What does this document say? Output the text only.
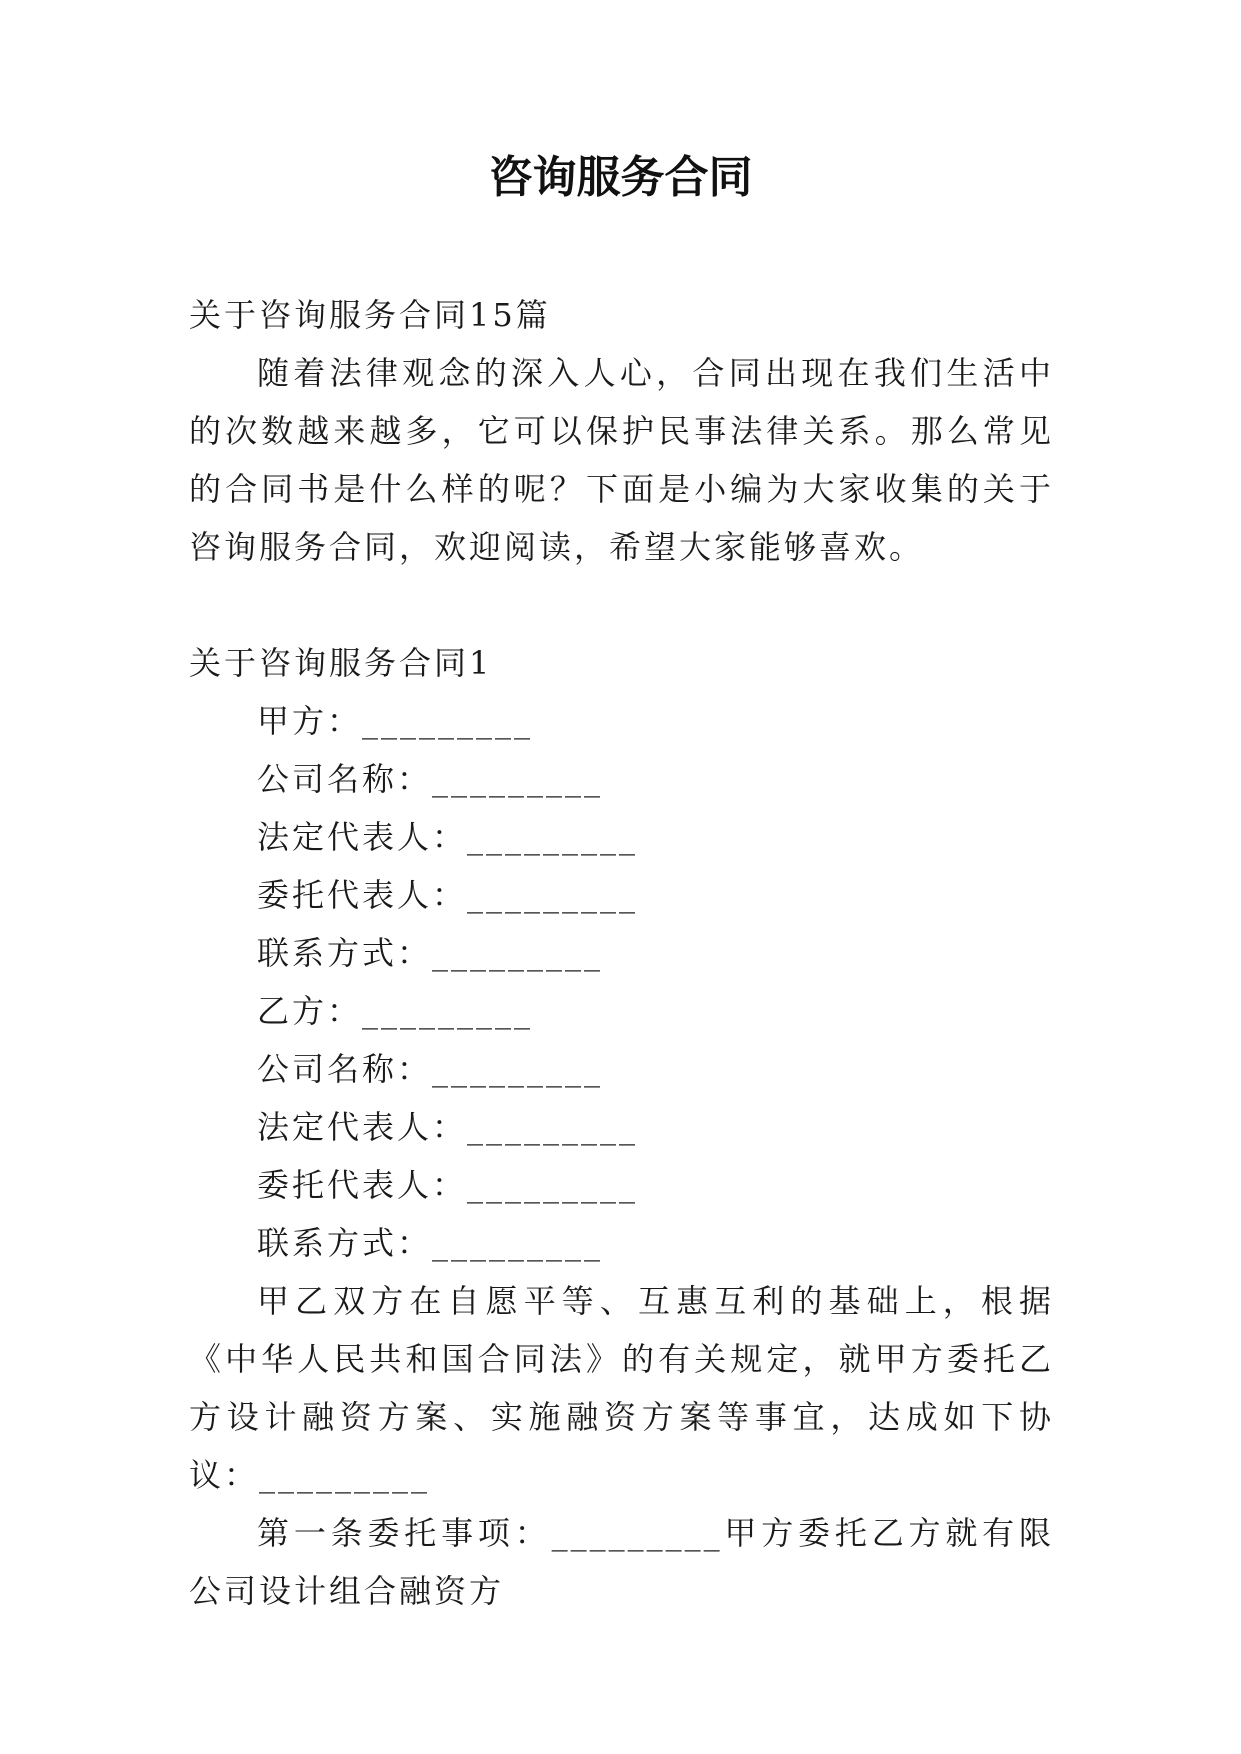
咨询服务合同

关于咨询服务合同15篇

随着法律观念的深入人心，合同出现在我们生活中的次数越来越多，它可以保护民事法律关系。那么常见的合同书是什么样的呢？下面是小编为大家收集的关于咨询服务合同，欢迎阅读，希望大家能够喜欢。

关于咨询服务合同1

甲方：_________

公司名称：_________

法定代表人：_________

委托代表人：_________

联系方式：_________

乙方：_________

公司名称：_________

法定代表人：_________

委托代表人：_________

联系方式：_________

甲乙双方在自愿平等、互惠互利的基础上，根据《中华人民共和国合同法》的有关规定，就甲方委托乙方设计融资方案、实施融资方案等事宜，达成如下协议：_________

第一条委托事项：_________甲方委托乙方就有限公司设计组合融资方
